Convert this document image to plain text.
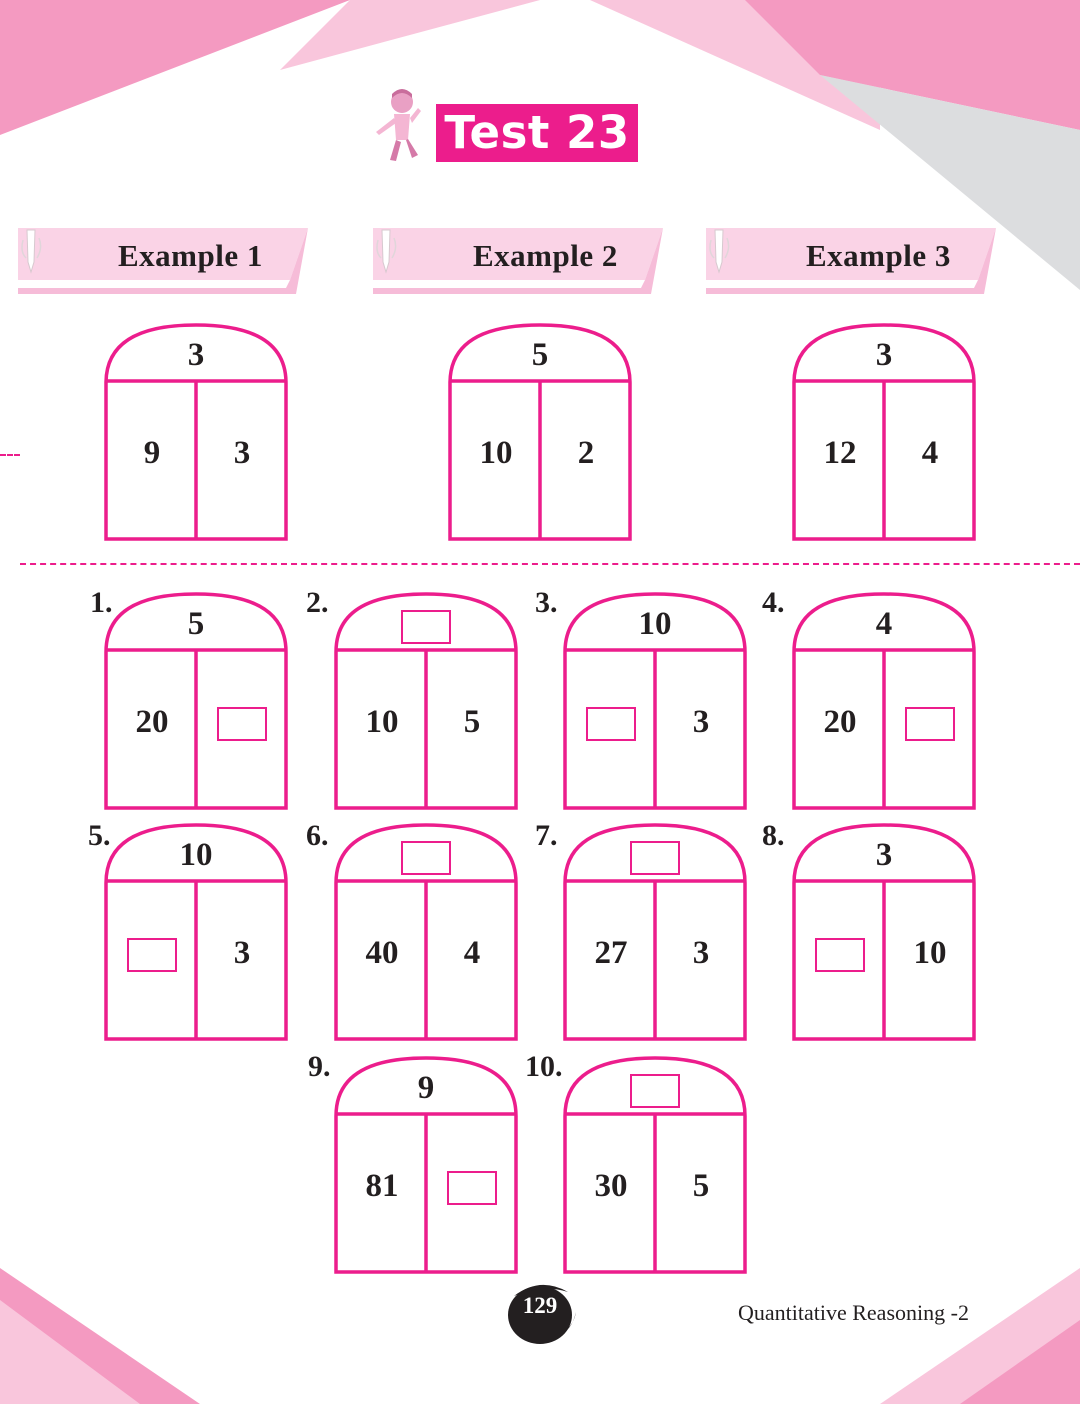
Test 23
Example 1	Example 2	Example 3
3
9	3
5
10	2
3
12	4
5
20
1.
10	5
2.
10
3
3.
4
20
4.
10
3
5.
40	4
6.
27	3
7.
3
10
8.
9
81
9.
30	5
10.
129	Quantitative Reasoning -2
